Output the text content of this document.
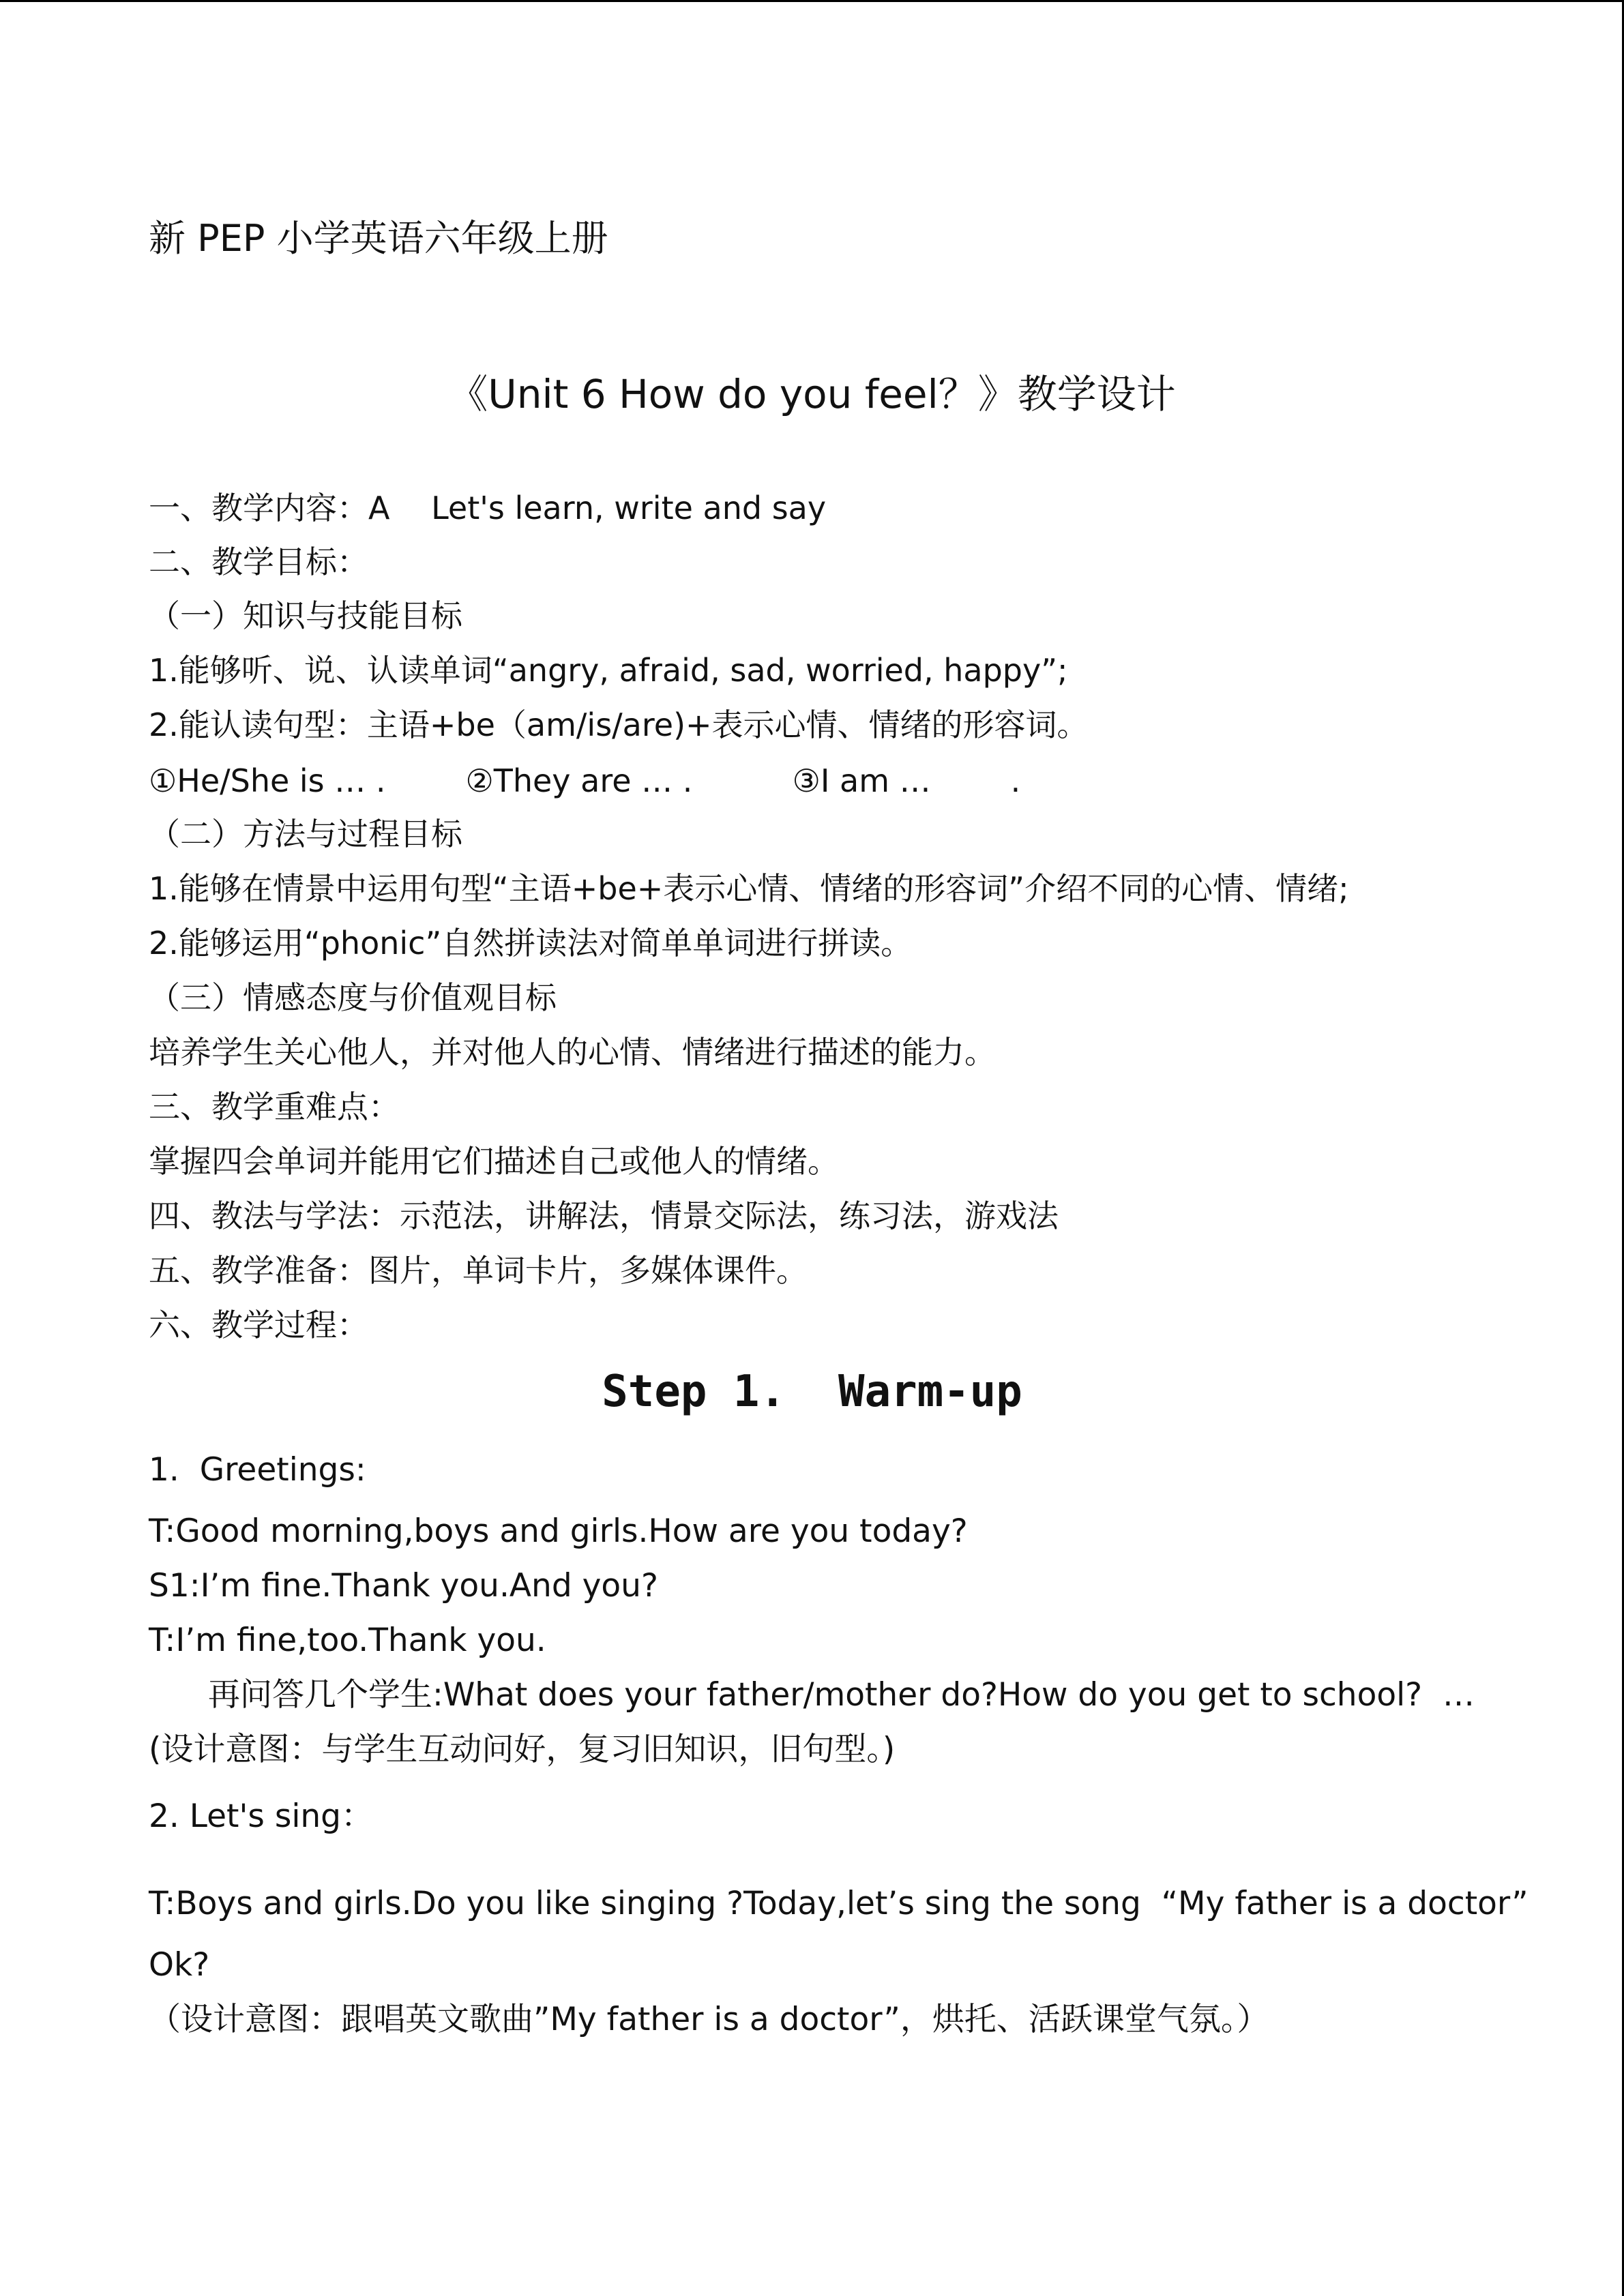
新 PEP 小学英语六年级上册
《Unit 6 How do you feel？》教学设计
一、教学内容：A　 Let's learn, write and say
二、教学目标：
（一）知识与技能目标
1.能够听、说、认读单词“angry, afraid, sad, worried, happy”;
2.能认读句型：主语+be（am/is/are)+表示心情、情绪的形容词。
①He/She is … .        ②They are … .          ③I am …        .
（二）方法与过程目标
1.能够在情景中运用句型“主语+be+表示心情、情绪的形容词”介绍不同的心情、情绪;
2.能够运用“phonic”自然拼读法对简单单词进行拼读。
（三）情感态度与价值观目标
培养学生关心他人，并对他人的心情、情绪进行描述的能力。
三、教学重难点：
掌握四会单词并能用它们描述自己或他人的情绪。
四、教法与学法：示范法，讲解法，情景交际法，练习法，游戏法
五、教学准备：图片，单词卡片，多媒体课件。
六、教学过程：
Step 1.  Warm-up
1.  Greetings:
T:Good morning,boys and girls.How are you today?
S1:I’m fine.Thank you.And you?
T:I’m fine,too.Thank you.
再问答几个学生:What does your father/mother do?How do you get to school?  …
(设计意图：与学生互动问好，复习旧知识，旧句型。)
2. Let's sing：
T:Boys and girls.Do you like singing ?Today,let’s sing the song  “My father is a doctor”
Ok?
（设计意图：跟唱英文歌曲”My father is a doctor”，烘托、活跃课堂气氛。）
